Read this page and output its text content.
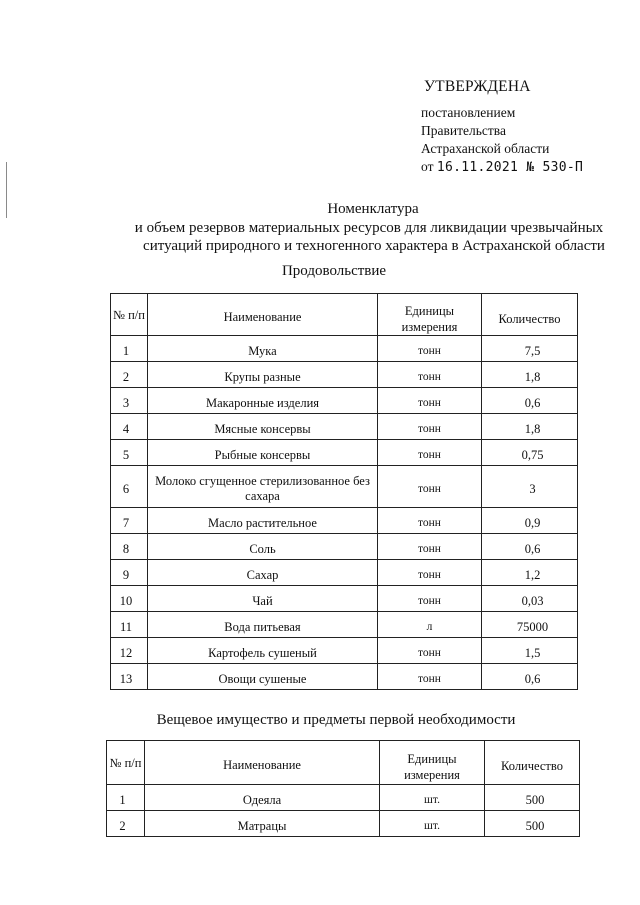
УТВЕРЖДЕНА
постановлением
Правительства
Астраханской области
от 16.11.2021 № 530-П
Номенклатура
и объем резервов материальных ресурсов для ликвидации чрезвычайных
ситуаций природного и техногенного характера в Астраханской области
Продовольствие
№ п/п	Наименование	Единицы измерения	Количество

1	Мука	тонн	7,5

2	Крупы разные	тонн	1,8

3	Макаронные изделия	тонн	0,6

4	Мясные консервы	тонн	1,8

5	Рыбные консервы	тонн	0,75

6	Молоко сгущенное стерилизованное без сахара	тонн	3

7	Масло растительное	тонн	0,9

8	Соль	тонн	0,6

9	Сахар	тонн	1,2

10	Чай	тонн	0,03

11	Вода питьевая	л	75000

12	Картофель сушеный	тонн	1,5

13	Овощи сушеные	тонн	0,6
Вещевое имущество и предметы первой необходимости
№ п/п	Наименование	Единицы измерения	Количество

1	Одеяла	шт.	500

2	Матрацы	шт.	500
